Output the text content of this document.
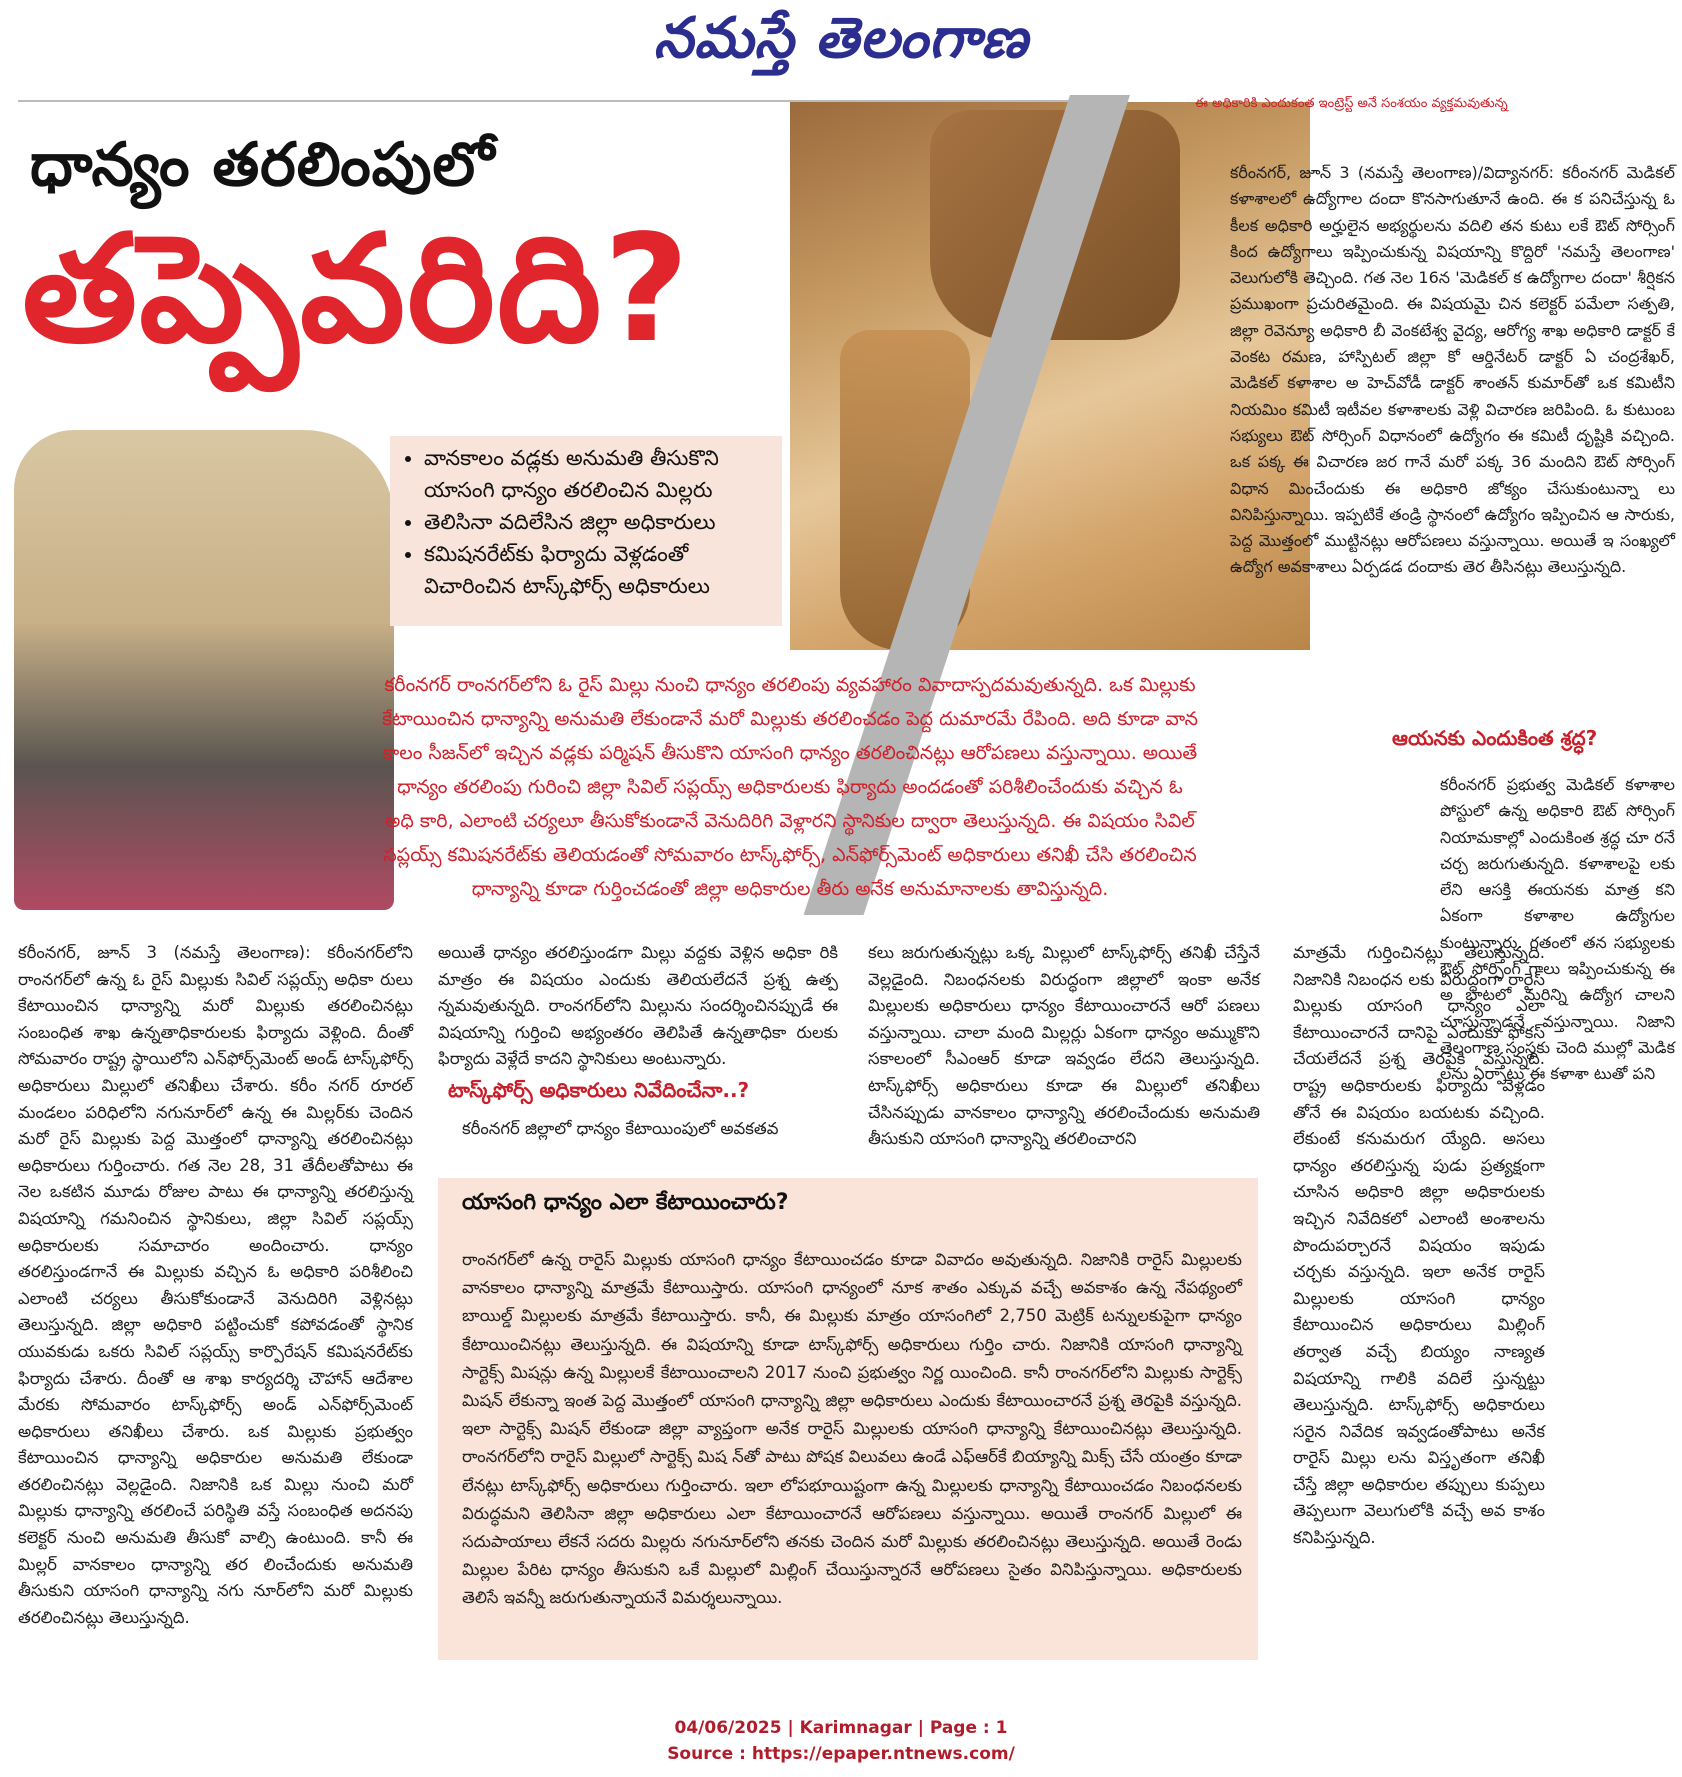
నమస్తే తెలంగాణ
ధాన్యం తరలింపులో
తప్పెవరిది?
• వానకాలం వడ్లకు అనుమతి తీసుకొని యాసంగి ధాన్యం తరలించిన మిల్లరు
• తెలిసినా వదిలేసిన జిల్లా అధికారులు
• కమిషనరేట్‌కు ఫిర్యాదు వెళ్లడంతో విచారించిన టాస్క్‌ఫోర్స్ అధికారులు
కరీంనగర్ రాంనగర్‌లోని ఓ రైస్ మిల్లు నుంచి ధాన్యం తరలింపు వ్యవహారం వివాదాస్పదమవుతున్నది. ఒక మిల్లుకు కేటాయించిన ధాన్యాన్ని అనుమతి లేకుండానే మరో మిల్లుకు తరలించడం పెద్ద దుమారమే రేపింది. అది కూడా వాన కాలం సీజన్‌లో ఇచ్చిన వడ్లకు పర్మిషన్ తీసుకొని యాసంగి ధాన్యం తరలించినట్లు ఆరోపణలు వస్తున్నాయి. అయితే ధాన్యం తరలింపు గురించి జిల్లా సివిల్ సప్లయ్స్ అధికారులకు ఫిర్యాదు అందడంతో పరిశీలించేందుకు వచ్చిన ఓ అధి కారి, ఎలాంటి చర్యలూ తీసుకోకుండానే వెనుదిరిగి వెళ్లారని స్థానికుల ద్వారా తెలుస్తున్నది. ఈ విషయం సివిల్ సప్లయ్స్ కమిషనరేట్‌కు తెలియడంతో సోమవారం టాస్క్‌ఫోర్స్, ఎన్‌ఫోర్స్‌మెంట్ అధికారులు తనిఖీ చేసి తరలించిన ధాన్యాన్ని కూడా గుర్తించడంతో జిల్లా అధికారుల తీరు అనేక అనుమానాలకు తావిస్తున్నది.
ఈ అధికారికి ఎందుకంత ఇంట్రెస్ట్ అనే సంశయం వ్యక్తమవుతున్న
కరీంనగర్, జూన్ 3 (నమస్తే తెలంగాణ)/విద్యానగర్: కరీంనగర్ మెడికల్ కళాశాలలో ఉద్యోగాల దందా కొనసాగుతూనే ఉంది. ఈ క పనిచేస్తున్న ఓ కీలక అధికారి అర్హులైన అభ్యర్థులను వదిలి తన కుటు లకే ఔట్ సోర్సింగ్ కింద ఉద్యోగాలు ఇప్పించుకున్న విషయాన్ని కొద్దిరో 'నమస్తే తెలంగాణ' వెలుగులోకి తెచ్చింది. గత నెల 16న 'మెడికల్ క ఉద్యోగాల దందా' శీర్షికన ప్రముఖంగా ప్రచురితమైంది. ఈ విషయమై చిన కలెక్టర్ పమేలా సత్పతి, జిల్లా రెవెన్యూ అధికారి బీ వెంకటేశ్వ వైద్య, ఆరోగ్య శాఖ అధికారి డాక్టర్ కే వెంకట రమణ, హాస్పిటల్ జిల్లా కో ఆర్డినేటర్ డాక్టర్ ఏ చంద్రశేఖర్, మెడికల్ కళాశాల అ హెచ్‌వోడీ డాక్టర్ శాంతన్ కుమార్‌తో ఒక కమిటీని నియమిం కమిటీ ఇటీవల కళాశాలకు వెళ్లి విచారణ జరిపింది. ఓ కుటుంబ సభ్యులు ఔట్ సోర్సింగ్ విధానంలో ఉద్యోగం ఈ కమిటీ దృష్టికి వచ్చింది. ఒక పక్క ఈ విచారణ జర గానే మరో పక్క 36 మందిని ఔట్ సోర్సింగ్ విధాన మించేందుకు ఈ అధికారి జోక్యం చేసుకుంటున్నా లు వినిపిస్తున్నాయి. ఇప్పటికే తండ్రి స్థానంలో ఉద్యోగం ఇప్పించిన ఆ సారుకు, పెద్ద మొత్తంలో ముట్టినట్లు ఆరోపణలు వస్తున్నాయి. అయితే ఇ సంఖ్యలో ఉద్యోగ అవకాశాలు ఏర్పడడ దందాకు తెర తీసినట్లు తెలుస్తున్నది.
ఆయనకు ఎందుకింత శ్రద్ధ?
కరీంనగర్ ప్రభుత్వ మెడికల్ కళాశాల పోస్టులో ఉన్న అధికారి ఔట్ సోర్సింగ్ నియామకాల్లో ఎందుకింత శ్రద్ధ చూ రనే చర్చ జరుగుతున్నది. కళాశాలపై లకు లేని ఆసక్తి ఈయనకు మాత్ర కని ఏకంగా కళాశాల ఉద్యోగుల కుంటున్నారు. గతంలో తన సభ్యులకు ఔట్ సోర్సింగ్ గాలు ఇప్పించుకున్న ఈ అ బాటలో మరిన్ని ఉద్యోగ చాలని చూస్తున్నాడనే వస్తున్నాయి. నిజాని తెలంగాణ సంస్థకు చెంది ముల్లో మెడిక లను ఏర్పాటు ఈ కళాశా టుతో పని
కరీంనగర్, జూన్ 3 (నమస్తే తెలంగాణ): కరీంనగర్‌లోని రాంనగర్‌లో ఉన్న ఓ రైస్ మిల్లుకు సివిల్ సప్లయ్స్ అధికా రులు కేటాయించిన ధాన్యాన్ని మరో మిల్లుకు తరలించినట్లు సంబంధిత శాఖ ఉన్నతాధికారులకు ఫిర్యాదు వెళ్లింది. దీంతో సోమవారం రాష్ట్ర స్థాయిలోని ఎన్‌ఫోర్స్‌మెంట్ అండ్ టాస్క్‌ఫోర్స్ అధికారులు మిల్లులో తనిఖీలు చేశారు. కరీం నగర్ రూరల్ మండలం పరిధిలోని నగునూర్‌లో ఉన్న ఈ మిల్లర్‌కు చెందిన మరో రైస్ మిల్లుకు పెద్ద మొత్తంలో ధాన్యాన్ని తరలించినట్లు అధికారులు గుర్తించారు. గత నెల 28, 31 తేదీలతోపాటు ఈ నెల ఒకటిన మూడు రోజుల పాటు ఈ ధాన్యాన్ని తరలిస్తున్న విషయాన్ని గమనించిన స్థానికులు, జిల్లా సివిల్ సప్లయ్స్ అధికారులకు సమాచారం అందించారు. ధాన్యం తరలిస్తుండగానే ఈ మిల్లుకు వచ్చిన ఓ అధికారి పరిశీలించి ఎలాంటి చర్యలు తీసుకోకుండానే వెనుదిరిగి వెళ్లినట్లు తెలుస్తున్నది. జిల్లా అధికారి పట్టించుకో కపోవడంతో స్థానిక యువకుడు ఒకరు సివిల్ సప్లయ్స్ కార్పొరేషన్ కమిషనరేట్‌కు ఫిర్యాదు చేశారు. దీంతో ఆ శాఖ కార్యదర్శి చౌహాన్ ఆదేశాల మేరకు సోమవారం టాస్క్‌ఫోర్స్ అండ్ ఎన్‌ఫోర్స్‌మెంట్ అధికారులు తనిఖీలు చేశారు. ఒక మిల్లుకు ప్రభుత్వం కేటాయించిన ధాన్యాన్ని అధికారుల అనుమతి లేకుండా తరలించినట్లు వెల్లడైంది. నిజానికి ఒక మిల్లు నుంచి మరో మిల్లుకు ధాన్యాన్ని తరలించే పరిస్థితి వస్తే సంబంధిత అదనపు కలెక్టర్ నుంచి అనుమతి తీసుకో వాల్సి ఉంటుంది. కానీ ఈ మిల్లర్ వానకాలం ధాన్యాన్ని తర లించేందుకు అనుమతి తీసుకుని యాసంగి ధాన్యాన్ని నగు నూర్‌లోని మరో మిల్లుకు తరలించినట్లు తెలుస్తున్నది.
అయితే ధాన్యం తరలిస్తుండగా మిల్లు వద్దకు వెళ్లిన అధికా రికి మాత్రం ఈ విషయం ఎందుకు తెలియలేదనే ప్రశ్న ఉత్ప న్నమవుతున్నది. రాంనగర్‌లోని మిల్లును సందర్శించినప్పుడే ఈ విషయాన్ని గుర్తించి అభ్యంతరం తెలిపితే ఉన్నతాధికా రులకు ఫిర్యాదు వెళ్లేదే కాదని స్థానికులు అంటున్నారు.
టాస్క్‌ఫోర్స్ అధికారులు నివేదించేనా..?
కరీంనగర్ జిల్లాలో ధాన్యం కేటాయింపులో అవకతవ
కలు జరుగుతున్నట్లు ఒక్క మిల్లులో టాస్క్‌ఫోర్స్ తనిఖీ చేస్తేనే వెల్లడైంది. నిబంధనలకు విరుద్ధంగా జిల్లాలో ఇంకా అనేక మిల్లులకు అధికారులు ధాన్యం కేటాయించారనే ఆరో పణలు వస్తున్నాయి. చాలా మంది మిల్లర్లు ఏకంగా ధాన్యం అమ్ముకొని సకాలంలో సీఎంఆర్ కూడా ఇవ్వడం లేదని తెలుస్తున్నది. టాస్క్‌ఫోర్స్ అధికారులు కూడా ఈ మిల్లులో తనిఖీలు చేసినప్పుడు వానకాలం ధాన్యాన్ని తరలించేందుకు అనుమతి తీసుకుని యాసంగి ధాన్యాన్ని తరలించారని
మాత్రమే గుర్తించినట్లు తెలుస్తున్నది. నిజానికి నిబంధన లకు విరుద్ధంగా రారైస్ మిల్లుకు యాసంగి ధాన్యం ఎలా కేటాయించారనే దానిపై ఎందుకు ఫోకస్ చేయలేదనే ప్రశ్న తెరపైకి వస్తున్నది. రాష్ట్ర అధికారులకు ఫిర్యాదు వెళ్లడం తోనే ఈ విషయం బయటకు వచ్చింది. లేకుంటే కనుమరుగ య్యేది. అసలు ధాన్యం తరలిస్తున్న పుడు ప్రత్యక్షంగా చూసిన అధికారి జిల్లా అధికారులకు ఇచ్చిన నివేదికలో ఎలాంటి అంశాలను పొందుపర్చారనే విషయం ఇపుడు చర్చకు వస్తున్నది. ఇలా అనేక రారైస్ మిల్లులకు యాసంగి ధాన్యం కేటాయించిన అధికారులు మిల్లింగ్ తర్వాత వచ్చే బియ్యం నాణ్యత విషయాన్ని గాలికి వదిలే స్తున్నట్టు తెలుస్తున్నది. టాస్క్‌ఫోర్స్ అధికారులు సరైన నివేదిక ఇవ్వడంతోపాటు అనేక రారైస్ మిల్లు లను విస్తృతంగా తనిఖీ చేస్తే జిల్లా అధికారుల తప్పులు కుప్పలు తెప్పలుగా వెలుగులోకి వచ్చే అవ కాశం కనిపిస్తున్నది.
యాసంగి ధాన్యం ఎలా కేటాయించారు?
రాంనగర్‌లో ఉన్న రారైస్ మిల్లుకు యాసంగి ధాన్యం కేటాయించడం కూడా వివాదం అవుతున్నది. నిజానికి రారైస్ మిల్లులకు వానకాలం ధాన్యాన్ని మాత్రమే కేటాయిస్తారు. యాసంగి ధాన్యంలో నూక శాతం ఎక్కువ వచ్చే అవకాశం ఉన్న నేపథ్యంలో బాయిల్డ్ మిల్లులకు మాత్రమే కేటాయిస్తారు. కానీ, ఈ మిల్లుకు మాత్రం యాసంగిలో 2,750 మెట్రిక్ టన్నులకుపైగా ధాన్యం కేటాయించినట్లు తెలుస్తున్నది. ఈ విషయాన్ని కూడా టాస్క్‌ఫోర్స్ అధికారులు గుర్తిం చారు. నిజానికి యాసంగి ధాన్యాన్ని సార్టెక్స్ మిషన్లు ఉన్న మిల్లులకే కేటాయించాలని 2017 నుంచి ప్రభుత్వం నిర్ణ యించింది. కానీ రాంనగర్‌లోని మిల్లుకు సార్టెక్స్ మిషన్ లేకున్నా ఇంత పెద్ద మొత్తంలో యాసంగి ధాన్యాన్ని జిల్లా అధికారులు ఎందుకు కేటాయించారనే ప్రశ్న తెరపైకి వస్తున్నది. ఇలా సార్టెక్స్ మిషన్ లేకుండా జిల్లా వ్యాప్తంగా అనేక రారైస్ మిల్లులకు యాసంగి ధాన్యాన్ని కేటాయించినట్లు తెలుస్తున్నది. రాంనగర్‌లోని రారైస్ మిల్లులో సార్టెక్స్ మిష న్‌తో పాటు పోషక విలువలు ఉండే ఎఫ్‌ఆర్‌కే బియ్యాన్ని మిక్స్ చేసే యంత్రం కూడా లేనట్లు టాస్క్‌ఫోర్స్ అధికారులు గుర్తించారు. ఇలా లోపభూయిష్టంగా ఉన్న మిల్లులకు ధాన్యాన్ని కేటాయించడం నిబంధనలకు విరుద్ధమని తెలిసినా జిల్లా అధికారులు ఎలా కేటాయించారనే ఆరోపణలు వస్తున్నాయి. అయితే రాంనగర్ మిల్లులో ఈ సదుపాయాలు లేకనే సదరు మిల్లరు నగునూర్‌లోని తనకు చెందిన మరో మిల్లుకు తరలించినట్లు తెలుస్తున్నది. అయితే రెండు మిల్లుల పేరిట ధాన్యం తీసుకుని ఒకే మిల్లులో మిల్లింగ్ చేయిస్తున్నారనే ఆరోపణలు సైతం వినిపిస్తున్నాయి. అధికారులకు తెలిసే ఇవన్నీ జరుగుతున్నాయనే విమర్శలున్నాయి.
04/06/2025 | Karimnagar | Page : 1
Source : https://epaper.ntnews.com/
